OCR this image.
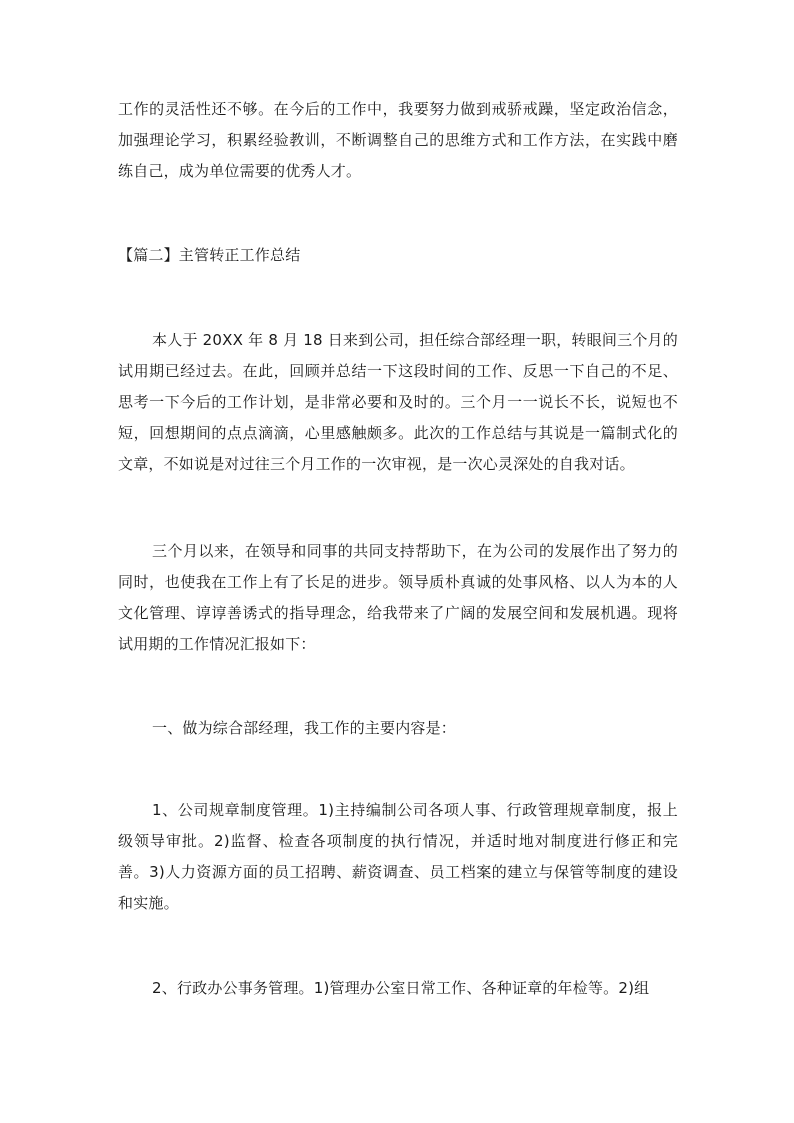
工作的灵活性还不够。在今后的工作中，我要努力做到戒骄戒躁，坚定政治信念，加强理论学习，积累经验教训，不断调整自己的思维方式和工作方法，在实践中磨练自己，成为单位需要的优秀人才。

【篇二】主管转正工作总结

本人于 20XX 年 8 月 18 日来到公司，担任综合部经理一职，转眼间三个月的试用期已经过去。在此，回顾并总结一下这段时间的工作、反思一下自己的不足、思考一下今后的工作计划，是非常必要和及时的。三个月一一说长不长，说短也不短，回想期间的点点滴滴，心里感触颇多。此次的工作总结与其说是一篇制式化的文章，不如说是对过往三个月工作的一次审视，是一次心灵深处的自我对话。

三个月以来，在领导和同事的共同支持帮助下，在为公司的发展作出了努力的同时，也使我在工作上有了长足的进步。领导质朴真诚的处事风格、以人为本的人文化管理、谆谆善诱式的指导理念，给我带来了广阔的发展空间和发展机遇。现将试用期的工作情况汇报如下：

一、做为综合部经理，我工作的主要内容是：

1、公司规章制度管理。1)主持编制公司各项人事、行政管理规章制度，报上级领导审批。2)监督、检查各项制度的执行情况，并适时地对制度进行修正和完善。3)人力资源方面的员工招聘、薪资调查、员工档案的建立与保管等制度的建设和实施。

2、行政办公事务管理。1)管理办公室日常工作、各种证章的年检等。2)组
